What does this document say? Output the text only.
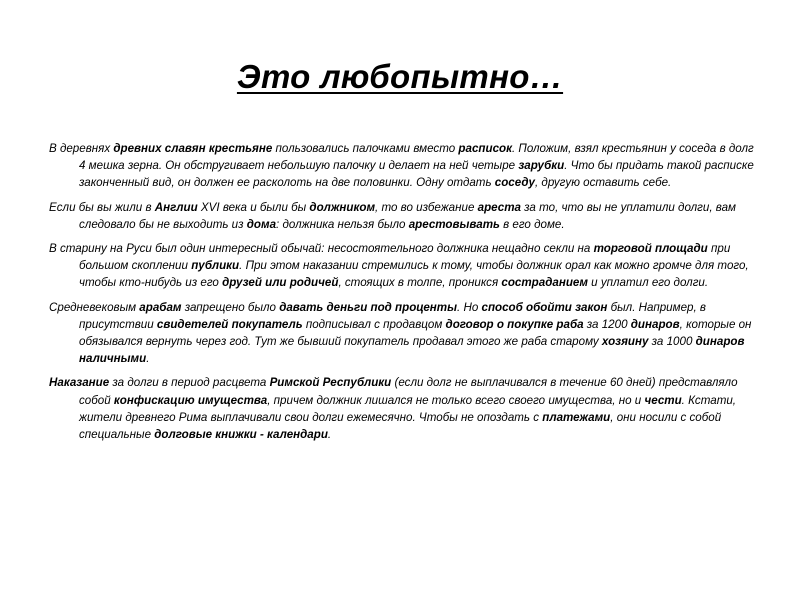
Это любопытно…

В деревнях древних славян крестьяне пользовались палочками вместо расписок. Положим, взял крестьянин у соседа в долг 4 мешка зерна. Он обстругивает небольшую палочку и делает на ней четыре зарубки. Что бы придать такой расписке законченный вид, он должен ее расколоть на две половинки. Одну отдать соседу, другую оставить себе.

Если бы вы жили в Англии XVI века и были бы должником, то во избежание ареста за то, что вы не уплатили долги, вам следовало бы не выходить из дома: должника нельзя было арестовывать в его доме.

В старину на Руси был один интересный обычай: несостоятельного должника нещадно секли на торговой площади при большом скоплении публики. При этом наказании стремились к тому, чтобы должник орал как можно громче для того, чтобы кто-нибудь из его друзей или родичей, стоящих в толпе, проникся состраданием и уплатил его долги.

Средневековым арабам запрещено было давать деньги под проценты. Но способ обойти закон был. Например, в присутствии свидетелей покупатель подписывал с продавцом договор о покупке раба за 1200 динаров, которые он обязывался вернуть через год. Тут же бывший покупатель продавал этого же раба старому хозяину за 1000 динаров наличными.

Наказание за долги в период расцвета Римской Республики (если долг не выплачивался в течение 60 дней) представляло собой конфискацию имущества, причем должник лишался не только всего своего имущества, но и чести. Кстати, жители древнего Рима выплачивали свои долги ежемесячно. Чтобы не опоздать с платежами, они носили с собой специальные долговые книжки - календари.
